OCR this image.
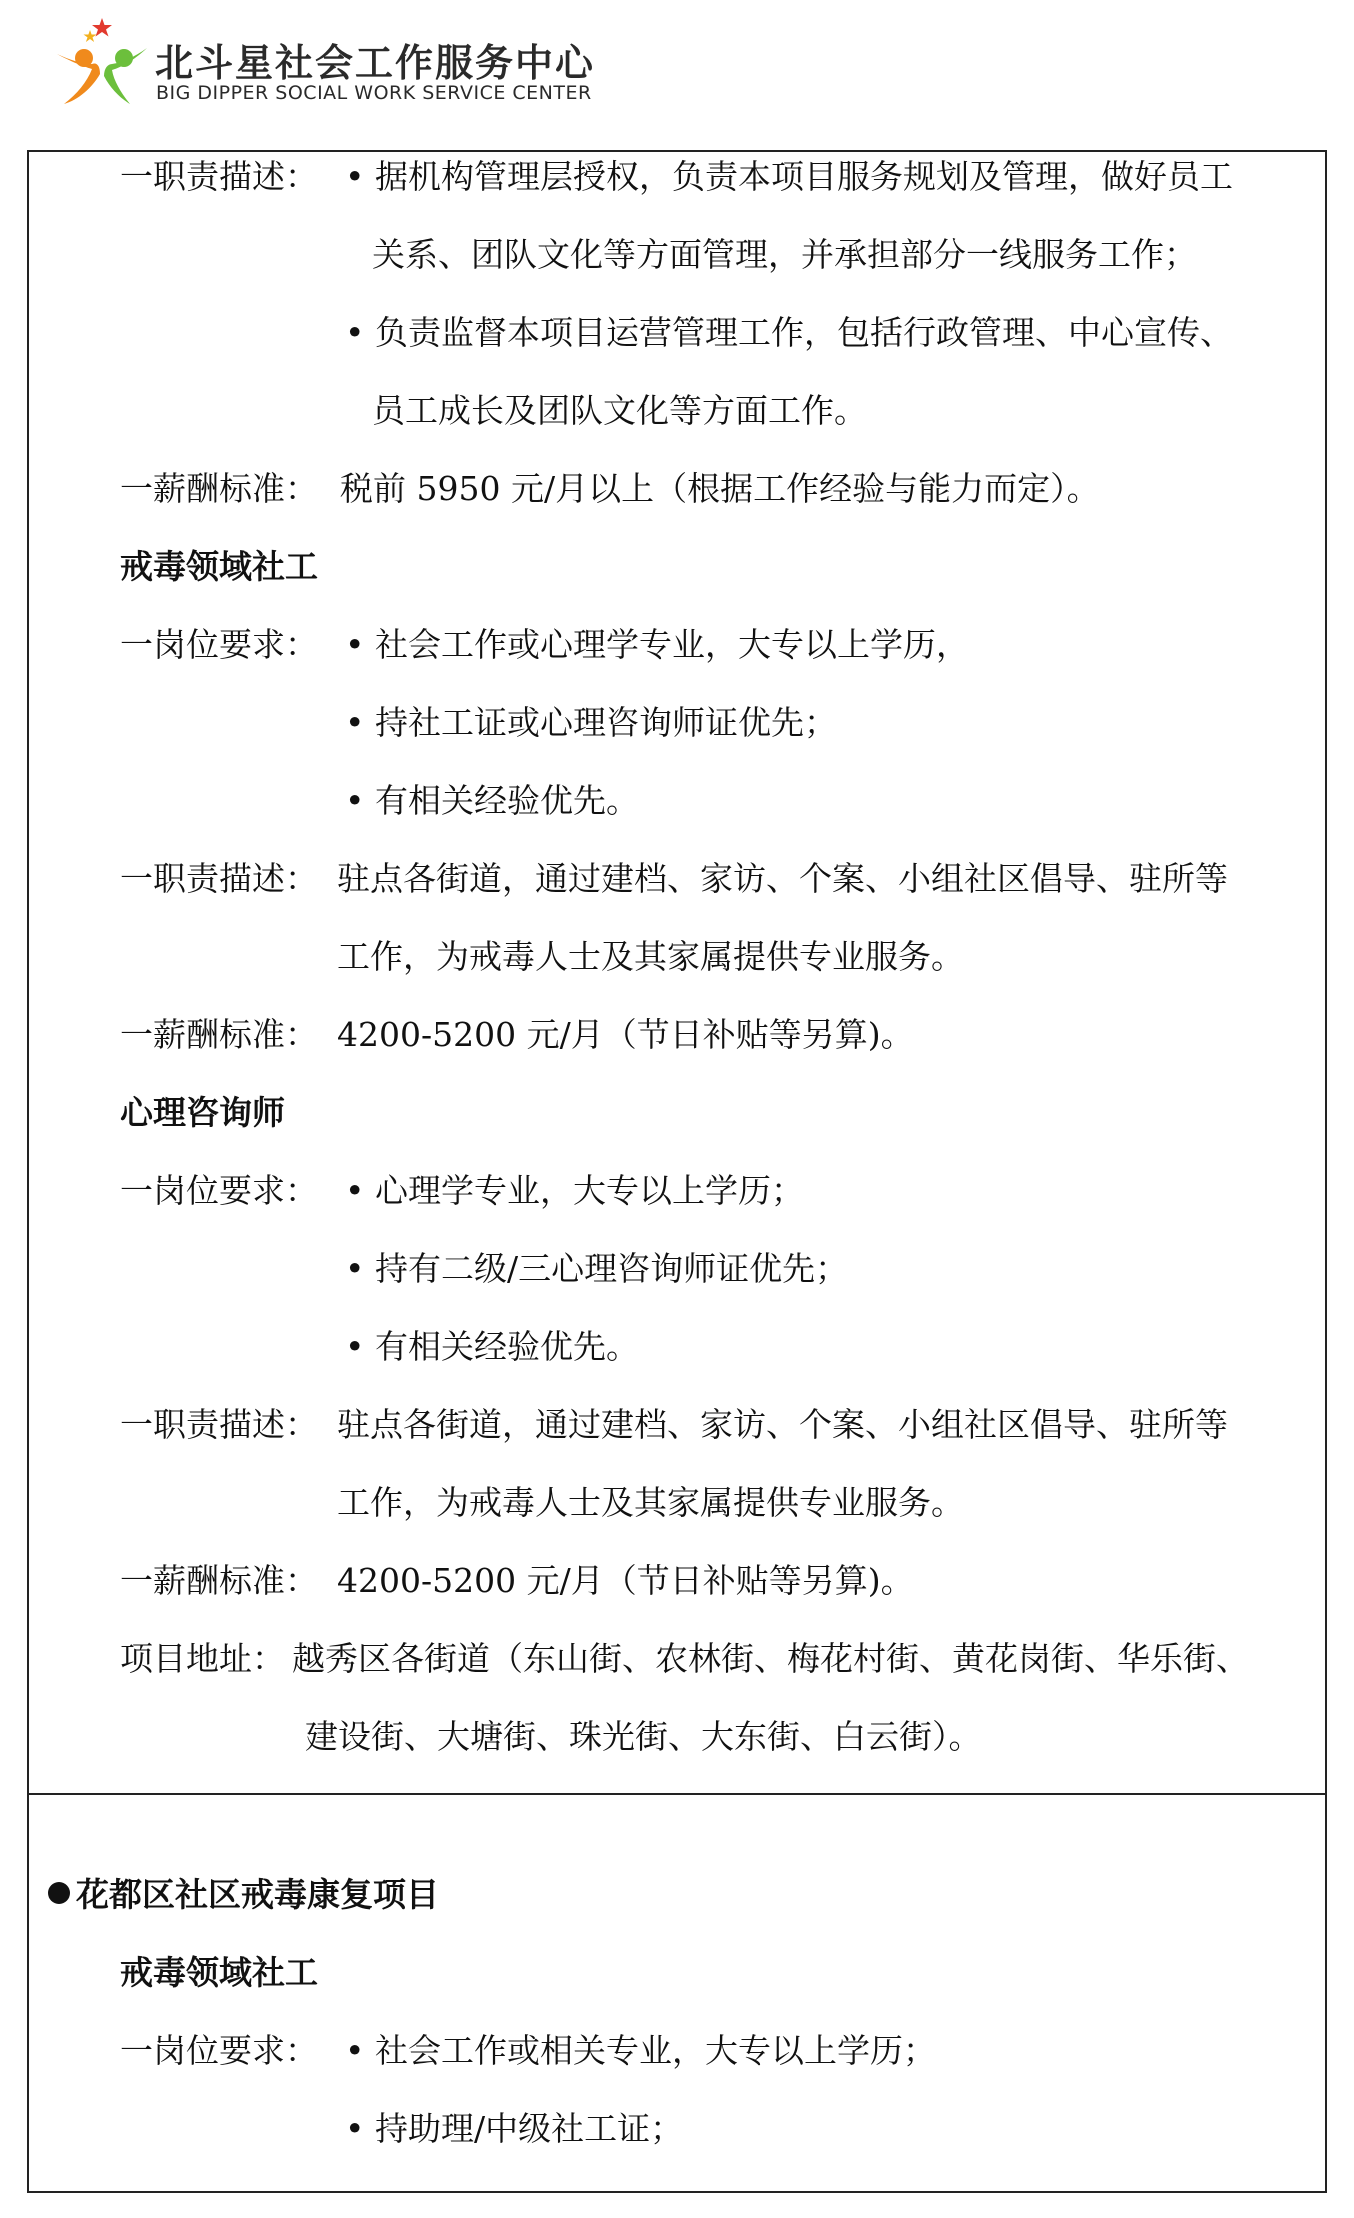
北斗星社会工作服务中心
BIG DIPPER SOCIAL WORK SERVICE CENTER
一职责描述： • 据机构管理层授权，负责本项目服务规划及管理，做好员工
关系、团队文化等方面管理，并承担部分一线服务工作；
• 负责监督本项目运营管理工作，包括行政管理、中心宣传、
员工成长及团队文化等方面工作。
一薪酬标准： 税前 5950 元/月以上（根据工作经验与能力而定）。
戒毒领域社工
一岗位要求： • 社会工作或心理学专业，大专以上学历，
• 持社工证或心理咨询师证优先；
• 有相关经验优先。
一职责描述： 驻点各街道，通过建档、家访、个案、小组社区倡导、驻所等
工作，为戒毒人士及其家属提供专业服务。
一薪酬标准： 4200-5200 元/月（节日补贴等另算)。
心理咨询师
一岗位要求： • 心理学专业，大专以上学历；
• 持有二级/三心理咨询师证优先；
• 有相关经验优先。
一职责描述： 驻点各街道，通过建档、家访、个案、小组社区倡导、驻所等
工作，为戒毒人士及其家属提供专业服务。
一薪酬标准： 4200-5200 元/月（节日补贴等另算)。
项目地址： 越秀区各街道（东山街、农林街、梅花村街、黄花岗街、华乐街、
建设街、大塘街、珠光街、大东街、白云街）。
花都区社区戒毒康复项目
戒毒领域社工
一岗位要求： • 社会工作或相关专业，大专以上学历；
• 持助理/中级社工证；
